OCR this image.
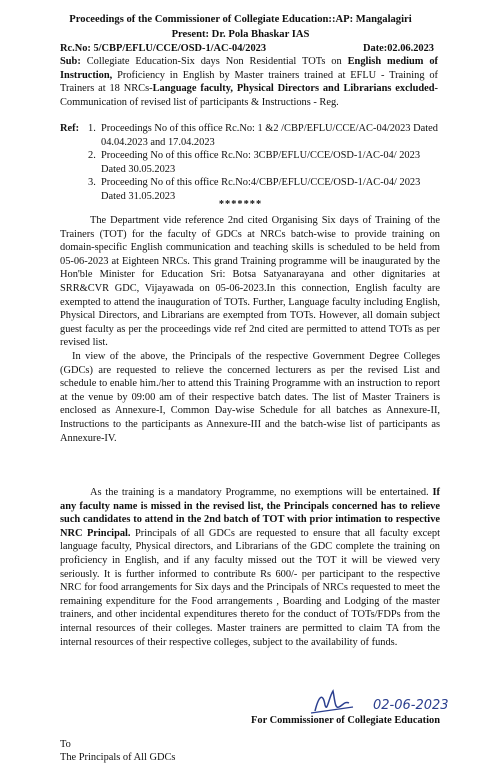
Proceedings of the Commissioner of Collegiate Education::AP: Mangalagiri
Present: Dr. Pola Bhaskar IAS
Rc.No: 5/CBP/EFLU/CCE/OSD-1/AC-04/2023	Date:02.06.2023
Sub: Collegiate Education-Six days Non Residential TOTs on English medium of Instruction, Proficiency in English by Master trainers trained at EFLU - Training of Trainers at 18 NRCs-Language faculty, Physical Directors and Librarians excluded- Communication of revised list of participants & Instructions - Reg.
Ref: 1. Proceedings No of this office Rc.No: 1 &2 /CBP/EFLU/CCE/AC-04/2023 Dated 04.04.2023 and 17.04.2023
2. Proceeding No of this office Rc.No: 3CBP/EFLU/CCE/OSD-1/AC-04/ 2023 Dated 30.05.2023
3. Proceeding No of this office Rc.No:4/CBP/EFLU/CCE/OSD-1/AC-04/ 2023 Dated 31.05.2023
*******
The Department vide reference 2nd cited Organising Six days of Training of the Trainers (TOT) for the faculty of GDCs at NRCs batch-wise to provide training on domain-specific English communication and teaching skills is scheduled to be held from 05-06-2023 at Eighteen NRCs. This grand Training programme will be inaugurated by the Hon'ble Minister for Education Sri: Botsa Satyanarayana and other dignitaries at SRR&CVR GDC, Vijayawada on 05-06-2023.In this connection, English faculty are exempted to attend the inauguration of TOTs. Further, Language faculty including English, Physical Directors, and Librarians are exempted from TOTs. However, all domain subject guest faculty as per the proceedings vide ref 2nd cited are permitted to attend TOTs as per revised list.
In view of the above, the Principals of the respective Government Degree Colleges (GDCs) are requested to relieve the concerned lecturers as per the revised List and schedule to enable him./her to attend this Training Programme with an instruction to report at the venue by 09:00 am of their respective batch dates. The list of Master Trainers is enclosed as Annexure-I, Common Day-wise Schedule for all batches as Annexure-II, Instructions to the participants as Annexure-III and the batch-wise list of participants as Annexure-IV.
As the training is a mandatory Programme, no exemptions will be entertained. If any faculty name is missed in the revised list, the Principals concerned has to relieve such candidates to attend in the 2nd batch of TOT with prior intimation to respective NRC Principal. Principals of all GDCs are requested to ensure that all faculty except language faculty, Physical directors, and Librarians of the GDC complete the training on proficiency in English, and if any faculty missed out the TOT it will be viewed very seriously. It is further informed to contribute Rs 600/- per participant to the respective NRC for food arrangements for Six days and the Principals of NRCs requested to meet the remaining expenditure for the Food arrangements , Boarding and Lodging of the master trainers, and other incidental expenditures thereto for the conduct of TOTs/FDPs from the internal resources of their colleges. Master trainers are permitted to claim TA from the internal resources of their respective colleges, subject to the availability of funds.
02-06-2023
For Commissioner of Collegiate Education
To
The Principals of All GDCs
